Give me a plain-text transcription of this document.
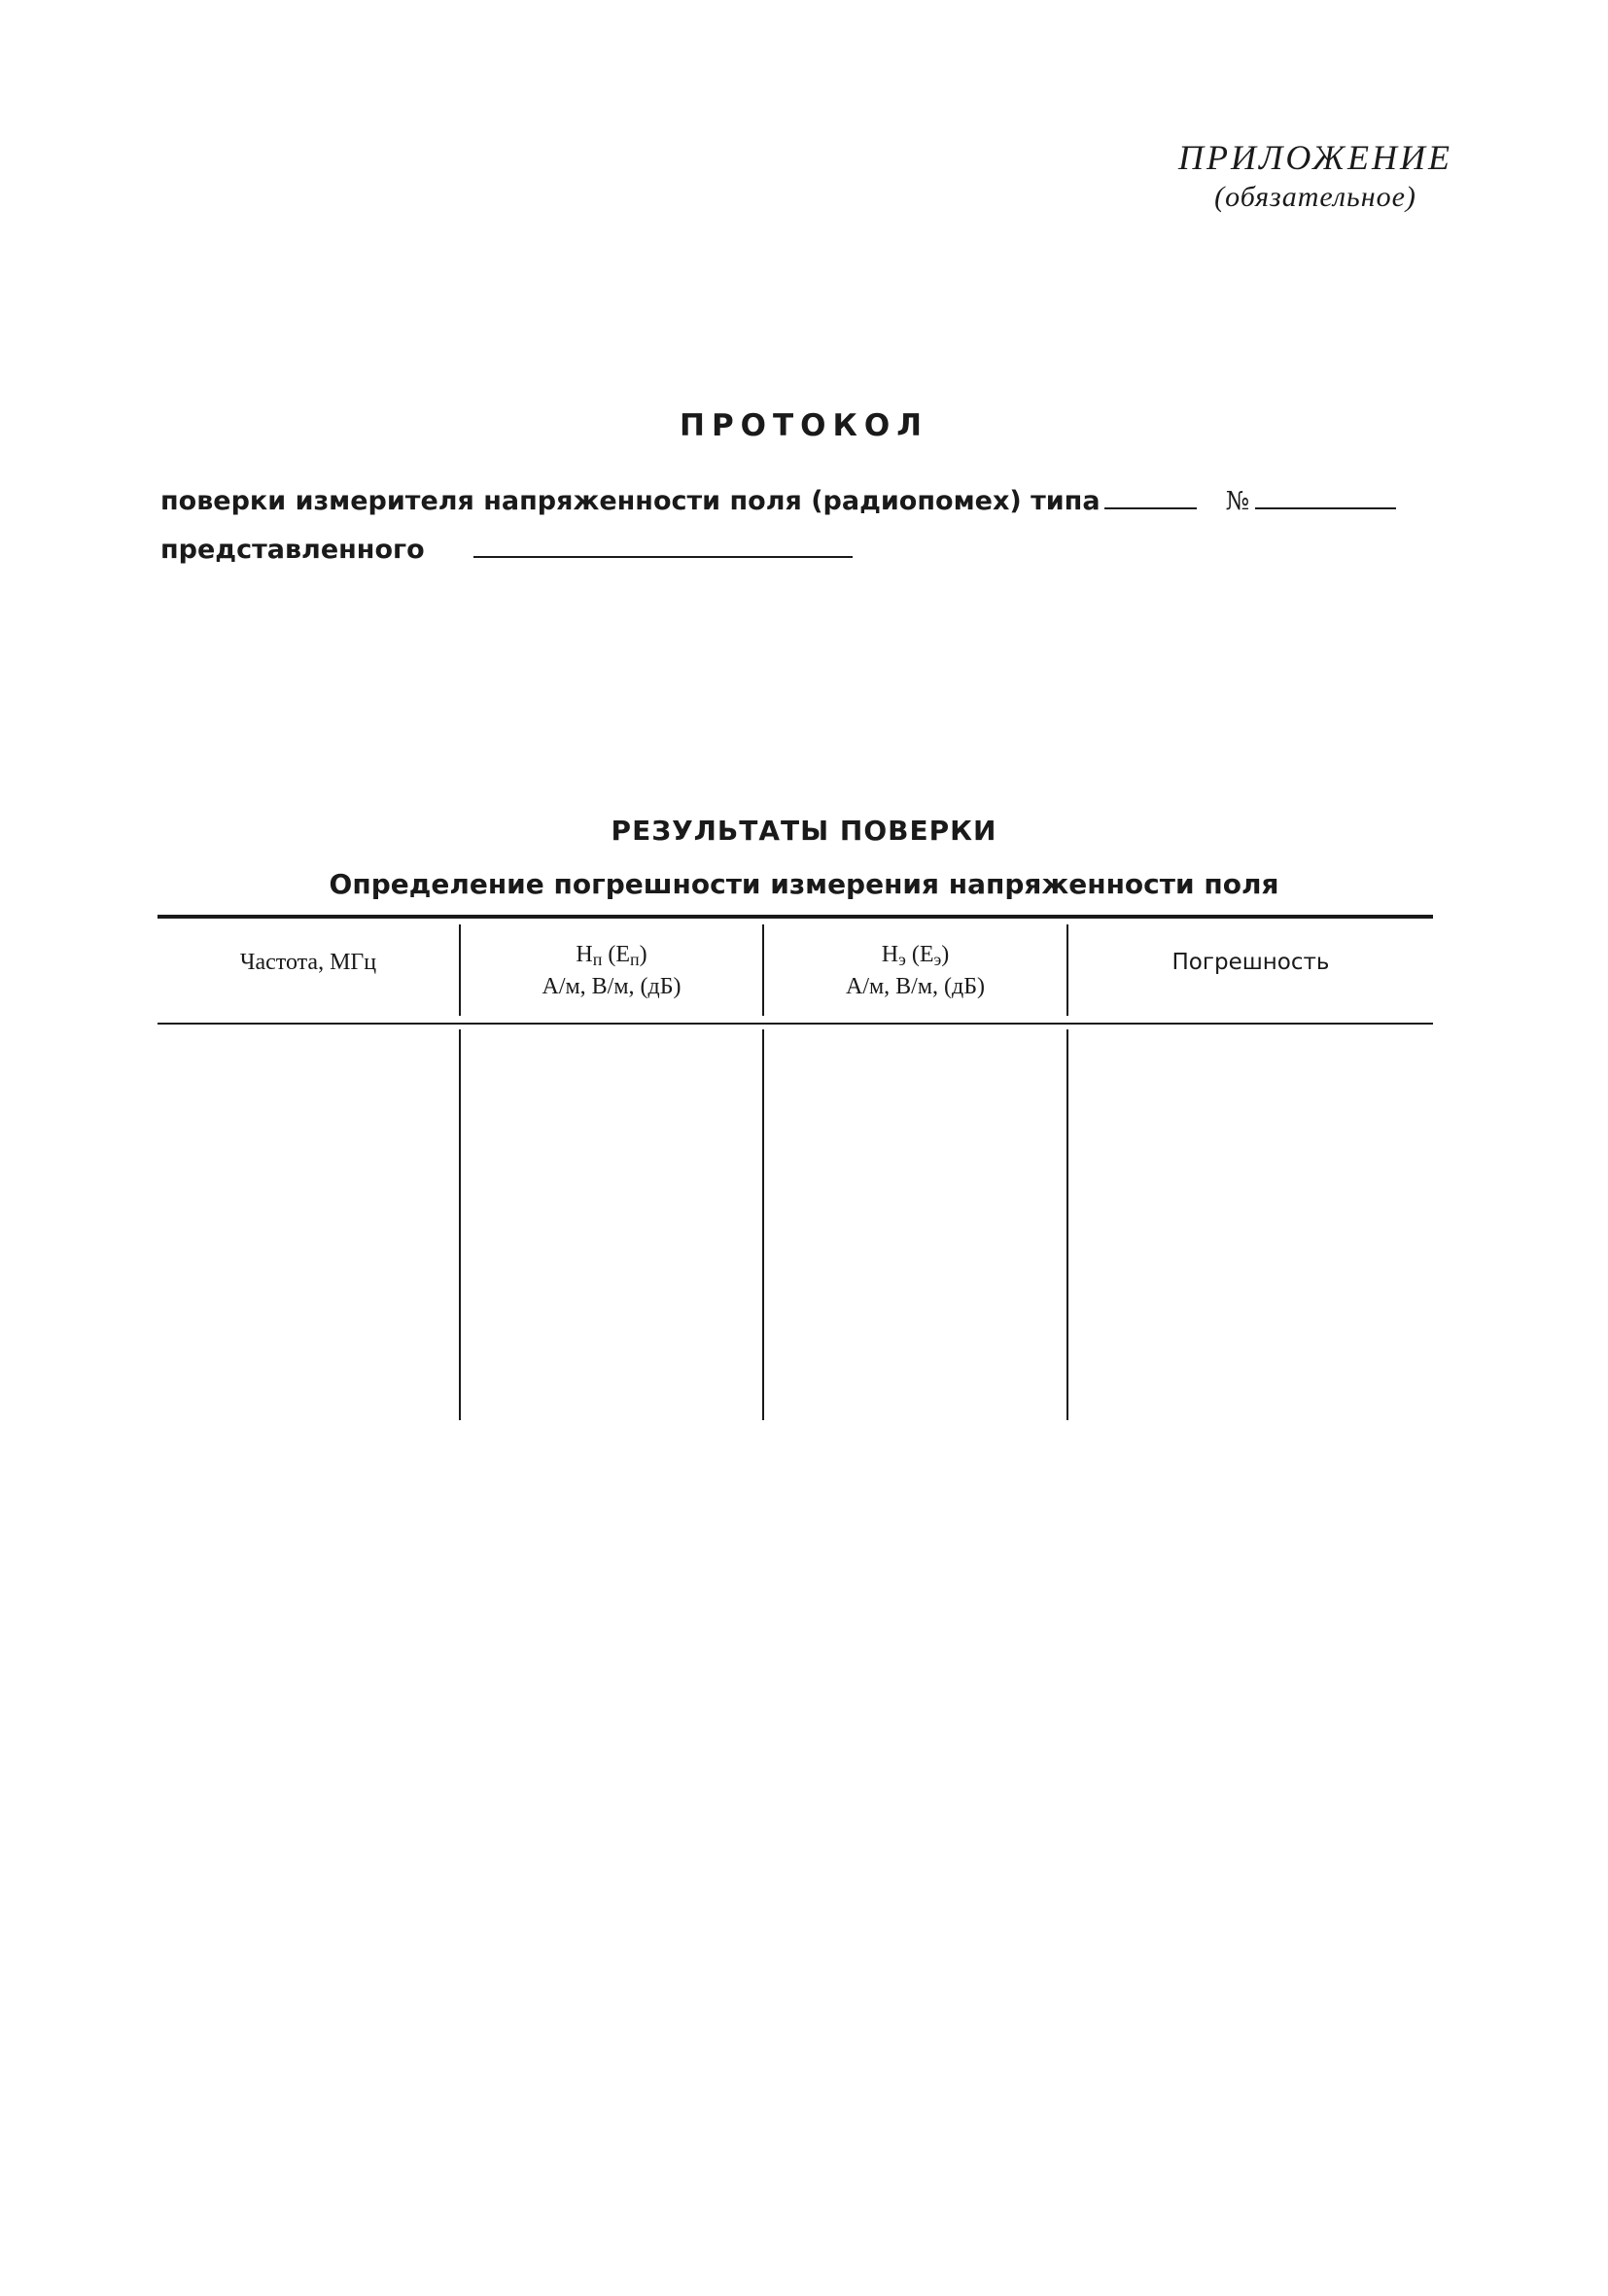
ПРИЛОЖЕНИЕ
(обязательное)
ПРОТОКОЛ
поверки измерителя напряженности поля (радиопомех) типа	№
представленного
РЕЗУЛЬТАТЫ ПОВЕРКИ
Определение погрешности измерения напряженности поля
Частота, МГц	$H_п$ $(E_п)$
А/м, В/м, (дБ)
$H_э$ $(E_э)$
А/м, В/м, (дБ)
Погрешность
